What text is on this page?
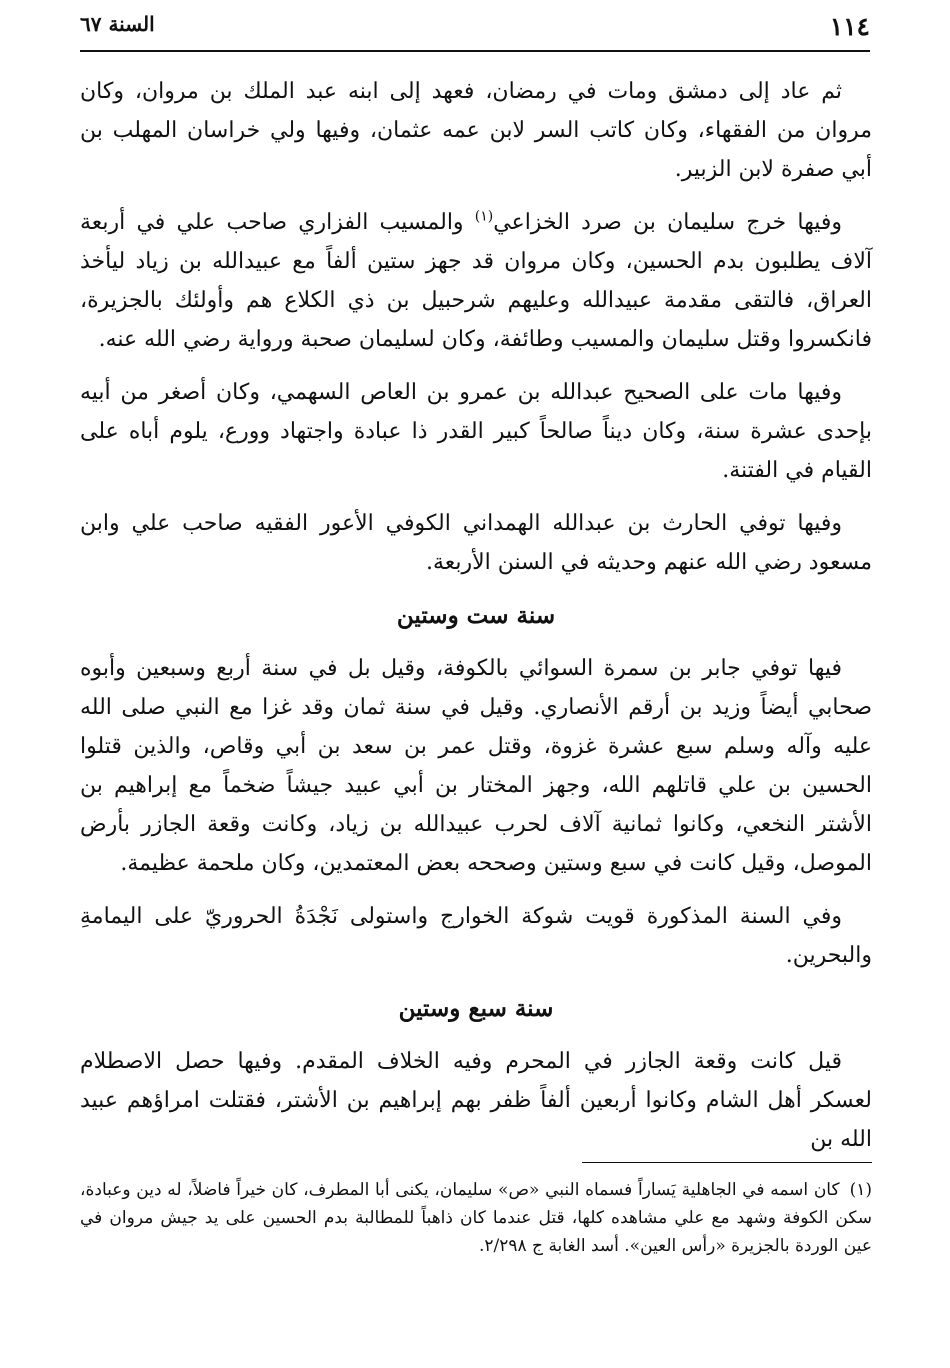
١١٤
السنة ٦٧

ثم عاد إلى دمشق ومات في رمضان، فعهد إلى ابنه عبد الملك بن مروان، وكان مروان من الفقهاء، وكان كاتب السر لابن عمه عثمان، وفيها ولي خراسان المهلب بن أبي صفرة لابن الزبير.

وفيها خرج سليمان بن صرد الخزاعي$^{(١)}$ والمسيب الفزاري صاحب علي في أربعة آلاف يطلبون بدم الحسين، وكان مروان قد جهز ستين ألفاً مع عبيدالله بن زياد ليأخذ العراق، فالتقى مقدمة عبيدالله وعليهم شرحبيل بن ذي الكلاع هم وأولئك بالجزيرة، فانكسروا وقتل سليمان والمسيب وطائفة، وكان لسليمان صحبة ورواية رضي الله عنه.

وفيها مات على الصحيح عبدالله بن عمرو بن العاص السهمي، وكان أصغر من أبيه بإحدى عشرة سنة، وكان ديناً صالحاً كبير القدر ذا عبادة واجتهاد وورع، يلوم أباه على القيام في الفتنة.

وفيها توفي الحارث بن عبدالله الهمداني الكوفي الأعور الفقيه صاحب علي وابن مسعود رضي الله عنهم وحديثه في السنن الأربعة.

سنة ست وستين

فيها توفي جابر بن سمرة السوائي بالكوفة، وقيل بل في سنة أربع وسبعين وأبوه صحابي أيضاً وزيد بن أرقم الأنصاري. وقيل في سنة ثمان وقد غزا مع النبي صلى الله عليه وآله وسلم سبع عشرة غزوة، وقتل عمر بن سعد بن أبي وقاص، والذين قتلوا الحسين بن علي قاتلهم الله، وجهز المختار بن أبي عبيد جيشاً ضخماً مع إبراهيم بن الأشتر النخعي، وكانوا ثمانية آلاف لحرب عبيدالله بن زياد، وكانت وقعة الجازر بأرض الموصل، وقيل كانت في سبع وستين وصححه بعض المعتمدين، وكان ملحمة عظيمة.

وفي السنة المذكورة قويت شوكة الخوارج واستولى نَجْدَةُ الحروريّ على اليمامةِ والبحرين.

سنة سبع وستين

قيل كانت وقعة الجازر في المحرم وفيه الخلاف المقدم. وفيها حصل الاصطلام لعسكر أهل الشام وكانوا أربعين ألفاً ظفر بهم إبراهيم بن الأشتر، فقتلت امراؤهم عبيد الله بن

(١)كان اسمه في الجاهلية يَساراً فسماه النبي «ص» سليمان، يكنى أبا المطرف، كان خيراً فاضلاً، له دين وعبادة، سكن الكوفة وشهد مع علي مشاهده كلها، قتل عندما كان ذاهباً للمطالبة بدم الحسين على يد جيش مروان في عين الوردة بالجزيرة «رأس العين». أسد الغابة ج ٢/٢٩٨.
